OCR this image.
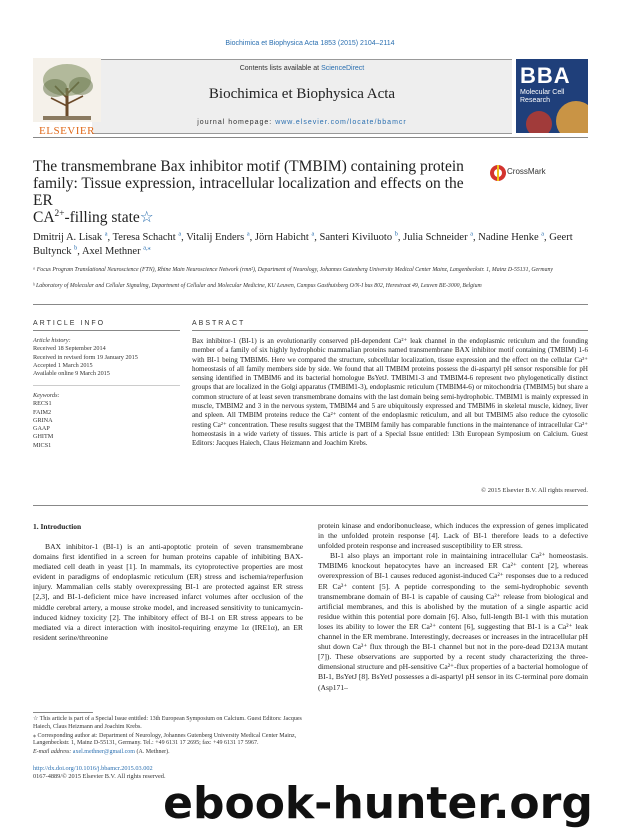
Biochimica et Biophysica Acta 1853 (2015) 2104–2114
Contents lists available at ScienceDirect
Biochimica et Biophysica Acta
journal homepage: www.elsevier.com/locate/bbamcr
ELSEVIER
BBA
Molecular Cell Research
The transmembrane Bax inhibitor motif (TMBIM) containing protein
family: Tissue expression, intracellular localization and effects on the ER
$CA^{2+}$-filling state☆
CrossMark
Dmitrij A. Lisak $^a$, Teresa Schacht $^a$, Vitalij Enders $^a$, Jörn Habicht $^a$, Santeri Kiviluoto $^b$, Julia Schneider $^a$, Nadine Henke $^a$, Geert Bultynck $^b$, Axel Methner $^{a,⁎}$
ᵃ Focus Program Translational Neuroscience (FTN), Rhine Main Neuroscience Network (rmn²), Department of Neurology, Johannes Gutenberg University Medical Center Mainz, Langenbeckstr. 1, Mainz D-55131, Germany
ᵇ Laboratory of Molecular and Cellular Signaling, Department of Cellular and Molecular Medicine, KU Leuven, Campus Gasthuisberg O/N-I bus 802, Herestraat 49, Leuven BE-3000, Belgium
ARTICLE INFO	ABSTRACT
Article history:
Received 18 September 2014
Received in revised form 19 January 2015
Accepted 1 March 2015
Available online 9 March 2015
Keywords:
RECS1
FAIM2
GRINA
GAAP
GHITM
MICS1
Bax inhibitor-1 (BI-1) is an evolutionarily conserved pH-dependent Ca²⁺ leak channel in the endoplasmic reticulum and the founding member of a family of six highly hydrophobic mammalian proteins named transmembrane BAX inhibitor motif containing (TMBIM) 1-6 with BI-1 being TMBIM6. Here we compared the structure, subcellular localization, tissue expression and the effect on the cellular Ca²⁺ homeostasis of all family members side by side. We found that all TMBIM proteins possess the di-aspartyl pH sensor responsible for pH sensing identified in TMBIM6 and its bacterial homologue BsYetJ. TMBIM1-3 and TMBIM4-6 represent two phylogenetically distinct groups that are localized in the Golgi apparatus (TMBIM1-3), endoplasmic reticulum (TMBIM4-6) or mitochondria (TMBIM5) but share a common structure of at least seven transmembrane domains with the last domain being semi-hydrophobic. TMBIM1 is mainly expressed in muscle, TMBIM2 and 3 in the nervous system, TMBIM4 and 5 are ubiquitously expressed and TMBIM6 in skeletal muscle, kidney, liver and spleen. All TMBIM proteins reduce the Ca²⁺ content of the endoplasmic reticulum, and all but TMBIM5 also reduce the cytosolic resting Ca²⁺ concentration. These results suggest that the TMBIM family has comparable functions in the maintenance of intracellular Ca²⁺ homeostasis in a wide variety of tissues. This article is part of a Special Issue entitled: 13th European Symposium on Calcium. Guest Editors: Jacques Haiech, Claus Heizmann and Joachim Krebs.
© 2015 Elsevier B.V. All rights reserved.
1. Introduction

BAX inhibitor-1 (BI-1) is an anti-apoptotic protein of seven transmembrane domains first identified in a screen for human proteins capable of inhibiting BAX-mediated cell death in yeast [1]. In mammals, its cytoprotective properties are most evident in paradigms of endoplasmic reticulum (ER) stress and ischemia/reperfusion injury. Mammalian cells stably overexpressing BI-1 are protected against ER stress [2,3], and BI-1-deficient mice have increased infarct volumes after occlusion of the middle cerebral artery, a mouse stroke model, and increased sensitivity to tunicamycin-induced kidney toxicity [2]. The inhibitory effect of BI-1 on ER stress appears to be mediated via a direct interaction with inositol-requiring enzyme 1α (IRE1α), an ER resident serine/threonine

protein kinase and endoribonuclease, which induces the expression of genes implicated in the unfolded protein response [4]. Lack of BI-1 therefore leads to a defective unfolded protein response and increased susceptibility to ER stress.

BI-1 also plays an important role in maintaining intracellular Ca²⁺ homeostasis. TMBIM6 knockout hepatocytes have an increased ER Ca²⁺ content [2], whereas overexpression of BI-1 causes reduced agonist-induced Ca²⁺ responses due to a reduced ER Ca²⁺ content [5]. A peptide corresponding to the semi-hydrophobic seventh transmembrane domain of BI-1 is capable of causing Ca²⁺ release from biological and artificial membranes, and this is abolished by the mutation of a single aspartic acid residue within this potential pore domain [6]. Also, full-length BI-1 with this mutation loses its ability to lower the ER Ca²⁺ content [6], suggesting that BI-1 is a Ca²⁺ leak channel in the ER membrane. Interestingly, decreases or increases in the intracellular pH shut down Ca²⁺ flux through the BI-1 channel but not in the pore-dead D213A mutant [7]). These observations are supported by a recent study characterizing the three-dimensional structure and pH-sensitive Ca²⁺-flux properties of a bacterial homologue of BI-1, BsYetJ [8]. BsYetJ possesses a di-aspartyl pH sensor in its C-terminal pore domain (Asp171–

☆ This article is part of a Special Issue entitled: 13th European Symposium on Calcium. Guest Editors: Jacques Haiech, Claus Heizmann and Joachim Krebs.

⁎ Corresponding author at: Department of Neurology, Johannes Gutenberg University Medical Center Mainz, Langenbeckstr. 1, Mainz D-55131, Germany. Tel.: +49 6131 17 2695; fax: +49 6131 17 5967.

E-mail address: axel.methner@gmail.com (A. Methner).

http://dx.doi.org/10.1016/j.bbamcr.2015.03.002
0167-4889/© 2015 Elsevier B.V. All rights reserved.
ebook-hunter.org
